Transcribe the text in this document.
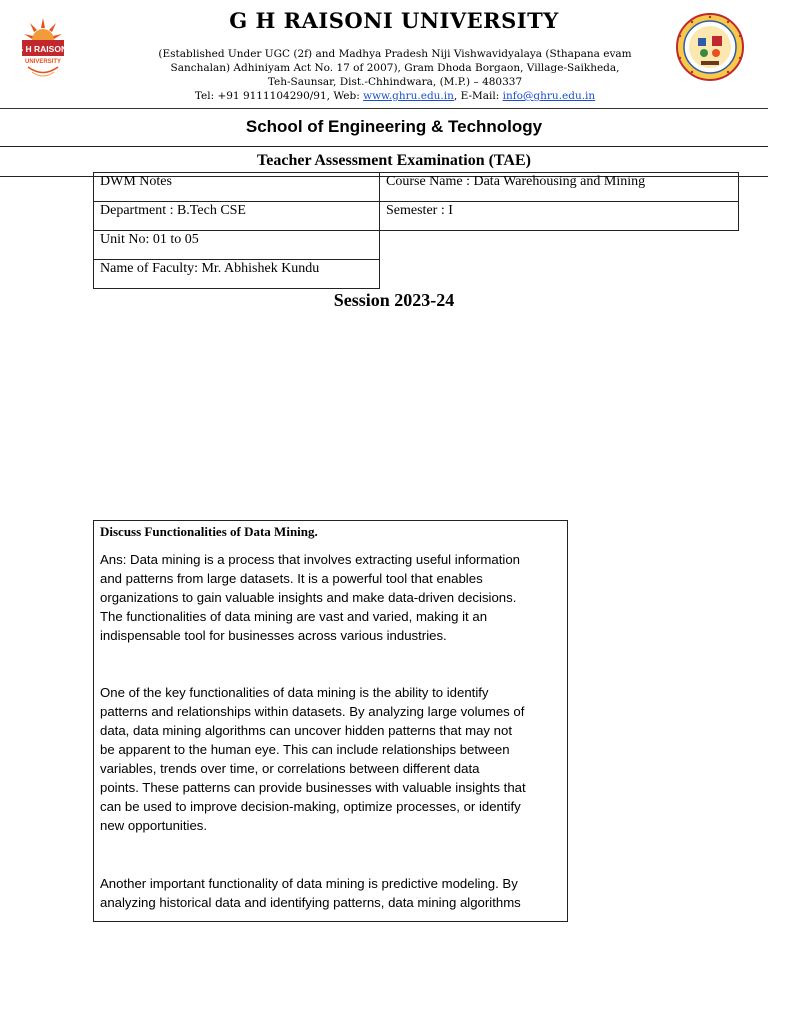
G H RAISONI
UNIVERSITY
G H RAISONI UNIVERSITY
(Established Under UGC (2f) and Madhya Pradesh Niji Vishwavidyalaya (Sthapana evam
Sanchalan) Adhiniyam Act No. 17 of 2007), Gram Dhoda Borgaon, Village-Saikheda,
Teh-Saunsar, Dist.-Chhindwara, (M.P.) – 480337
Tel: +91 9111104290/91, Web: www.ghru.edu.in, E-Mail: info@ghru.edu.in
School of Engineering & Technology
Teacher Assessment Examination (TAE)
DWM Notes	Course Name : Data Warehousing and Mining
Department : B.Tech CSE	Semester : I
Unit No: 01 to 05
Name of Faculty: Mr. Abhishek Kundu
Session 2023-24
Discuss Functionalities of Data Mining.
Ans: Data mining is a process that involves extracting useful information
and patterns from large datasets. It is a powerful tool that enables
organizations to gain valuable insights and make data-driven decisions.
The functionalities of data mining are vast and varied, making it an
indispensable tool for businesses across various industries.
One of the key functionalities of data mining is the ability to identify
patterns and relationships within datasets. By analyzing large volumes of
data, data mining algorithms can uncover hidden patterns that may not
be apparent to the human eye. This can include relationships between
variables, trends over time, or correlations between different data
points. These patterns can provide businesses with valuable insights that
can be used to improve decision-making, optimize processes, or identify
new opportunities.
Another important functionality of data mining is predictive modeling. By
analyzing historical data and identifying patterns, data mining algorithms
